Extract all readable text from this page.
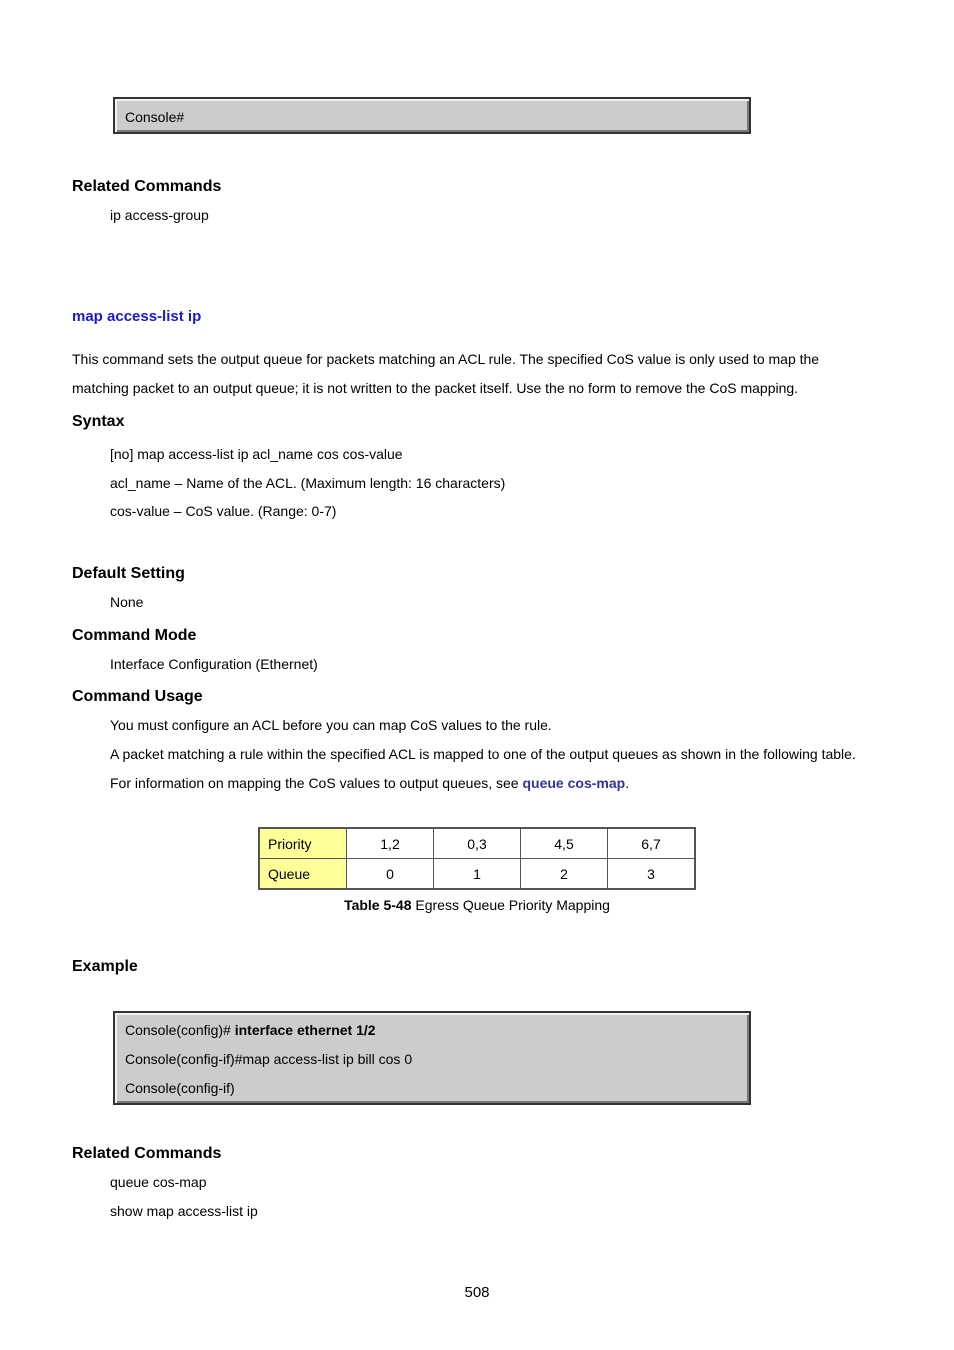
Console#
Related Commands
ip access-group
map access-list ip
This command sets the output queue for packets matching an ACL rule. The specified CoS value is only used to map the
matching packet to an output queue; it is not written to the packet itself. Use the no form to remove the CoS mapping.
Syntax
[no] map access-list ip acl_name cos cos-value
acl_name – Name of the ACL. (Maximum length: 16 characters)
cos-value – CoS value. (Range: 0-7)
Default Setting
None
Command Mode
Interface Configuration (Ethernet)
Command Usage
You must configure an ACL before you can map CoS values to the rule.
A packet matching a rule within the specified ACL is mapped to one of the output queues as shown in the following table.
For information on mapping the CoS values to output queues, see queue cos-map.
Priority	1,2	0,3	4,5	6,7
Queue	0	1	2	3
Table 5-48 Egress Queue Priority Mapping
Example
Console(config)# interface ethernet 1/2
Console(config-if)#map access-list ip bill cos 0
Console(config-if)
Related Commands
queue cos-map
show map access-list ip
508
